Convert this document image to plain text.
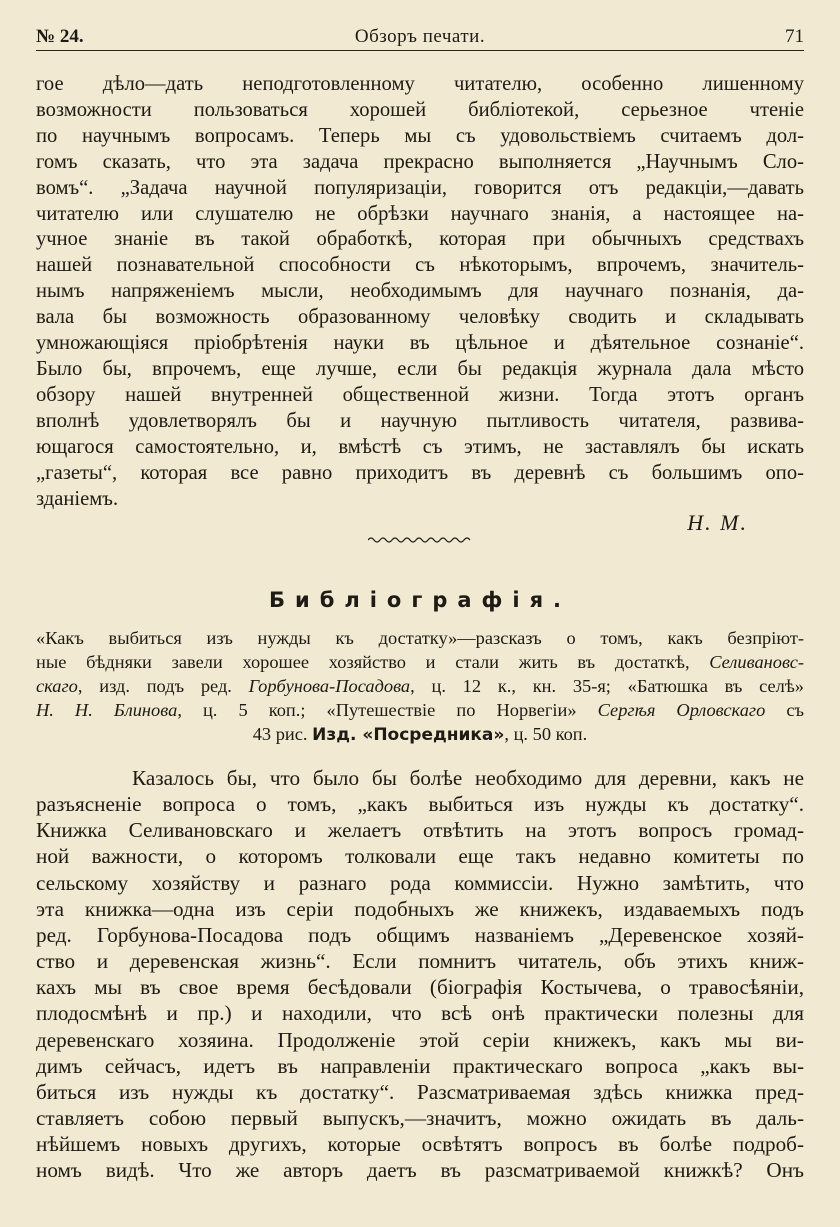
№ 24.	Обзоръ печати.	71
гое дѣло—дать неподготовленному читателю, особенно лишенному
возможности пользоваться хорошей библіотекой, серьезное чтеніе
по научнымъ вопросамъ. Теперь мы съ удовольствіемъ считаемъ дол-
гомъ сказать, что эта задача прекрасно выполняется „Научнымъ Сло-
вомъ“. „Задача научной популяризаціи, говорится отъ редакціи,—давать
читателю или слушателю не обрѣзки научнаго знанія, а настоящее на-
учное знаніе въ такой обработкѣ, которая при обычныхъ средствахъ
нашей познавательной способности съ нѣкоторымъ, впрочемъ, значитель-
нымъ напряженіемъ мысли, необходимымъ для научнаго познанія, да-
вала бы возможность образованному человѣку сводить и складывать
умножающіяся пріобрѣтенія науки въ цѣльное и дѣятельное сознаніе“.
Было бы, впрочемъ, еще лучше, если бы редакція журнала дала мѣсто
обзору нашей внутренней общественной жизни. Тогда этотъ органъ
вполнѣ удовлетворялъ бы и научную пытливость читателя, развива-
ющагося самостоятельно, и, вмѣстѣ съ этимъ, не заставлялъ бы искать
„газеты“, которая все равно приходитъ въ деревнѣ съ большимъ опо-
зданіемъ.
Н. М.
Библіографія.
«Какъ выбиться изъ нужды къ достатку»—разсказъ о томъ, какъ безпріют-
ные бѣдняки завели хорошее хозяйство и стали жить въ достаткѣ, Селивановс-
скаго, изд. подъ ред. Горбунова-Посадова, ц. 12 к., кн. 35-я; «Батюшка въ селѣ»
Н. Н. Блинова, ц. 5 коп.; «Путешествіе по Норвегіи» Сергѣя Орловскаго съ
43 рис. Изд. «Посредника», ц. 50 коп.
Казалось бы, что было бы болѣе необходимо для деревни, какъ не
разъясненіе вопроса о томъ, „какъ выбиться изъ нужды къ достатку“.
Книжка Селивановскаго и желаетъ отвѣтить на этотъ вопросъ громад-
ной важности, о которомъ толковали еще такъ недавно комитеты по
сельскому хозяйству и разнаго рода коммиссіи. Нужно замѣтить, что
эта книжка—одна изъ серіи подобныхъ же книжекъ, издаваемыхъ подъ
ред. Горбунова-Посадова подъ общимъ названіемъ „Деревенское хозяй-
ство и деревенская жизнь“. Если помнитъ читатель, объ этихъ книж-
кахъ мы въ свое время бесѣдовали (біографія Костычева, о травосѣяніи,
плодосмѣнѣ и пр.) и находили, что всѣ онѣ практически полезны для
деревенскаго хозяина. Продолженіе этой серіи книжекъ, какъ мы ви-
димъ сейчасъ, идетъ въ направленіи практическаго вопроса „какъ вы-
биться изъ нужды къ достатку“. Разсматриваемая здѣсь книжка пред-
ставляетъ собою первый выпускъ,—значитъ, можно ожидать въ даль-
нѣйшемъ новыхъ другихъ, которые освѣтятъ вопросъ въ болѣе подроб-
номъ видѣ. Что же авторъ даетъ въ разсматриваемой книжкѣ? Онъ
